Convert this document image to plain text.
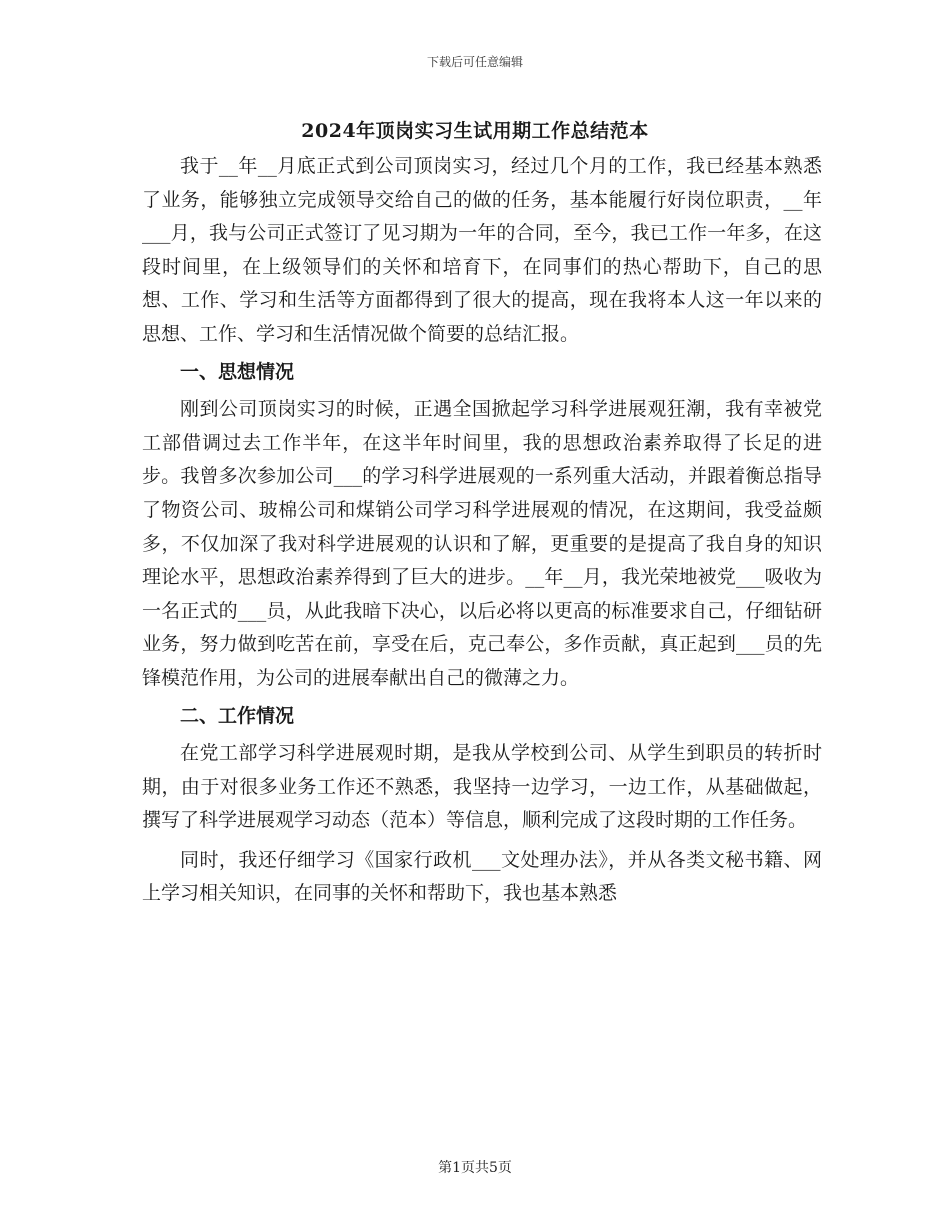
下载后可任意编辑
2024年顶岗实习生试用期工作总结范本

我于__年__月底正式到公司顶岗实习，经过几个月的工作，我已经基本熟悉了业务，能够独立完成领导交给自己的做的任务，基本能履行好岗位职责，__年___月，我与公司正式签订了见习期为一年的合同，至今，我已工作一年多，在这段时间里，在上级领导们的关怀和培育下，在同事们的热心帮助下，自己的思想、工作、学习和生活等方面都得到了很大的提高，现在我将本人这一年以来的思想、工作、学习和生活情况做个简要的总结汇报。

一、思想情况

刚到公司顶岗实习的时候，正遇全国掀起学习科学进展观狂潮，我有幸被党工部借调过去工作半年，在这半年时间里，我的思想政治素养取得了长足的进步。我曾多次参加公司___的学习科学进展观的一系列重大活动，并跟着衡总指导了物资公司、玻棉公司和煤销公司学习科学进展观的情况，在这期间，我受益颇多，不仅加深了我对科学进展观的认识和了解，更重要的是提高了我自身的知识理论水平，思想政治素养得到了巨大的进步。__年__月，我光荣地被党___吸收为一名正式的___员，从此我暗下决心，以后必将以更高的标准要求自己，仔细钻研业务，努力做到吃苦在前，享受在后，克己奉公，多作贡献，真正起到___员的先锋模范作用，为公司的进展奉献出自己的微薄之力。

二、工作情况

在党工部学习科学进展观时期，是我从学校到公司、从学生到职员的转折时期，由于对很多业务工作还不熟悉，我坚持一边学习，一边工作，从基础做起，撰写了科学进展观学习动态（范本）等信息，顺利完成了这段时期的工作任务。

同时，我还仔细学习《国家行政机___文处理办法》，并从各类文秘书籍、网上学习相关知识，在同事的关怀和帮助下，我也基本熟悉

第1页共5页
